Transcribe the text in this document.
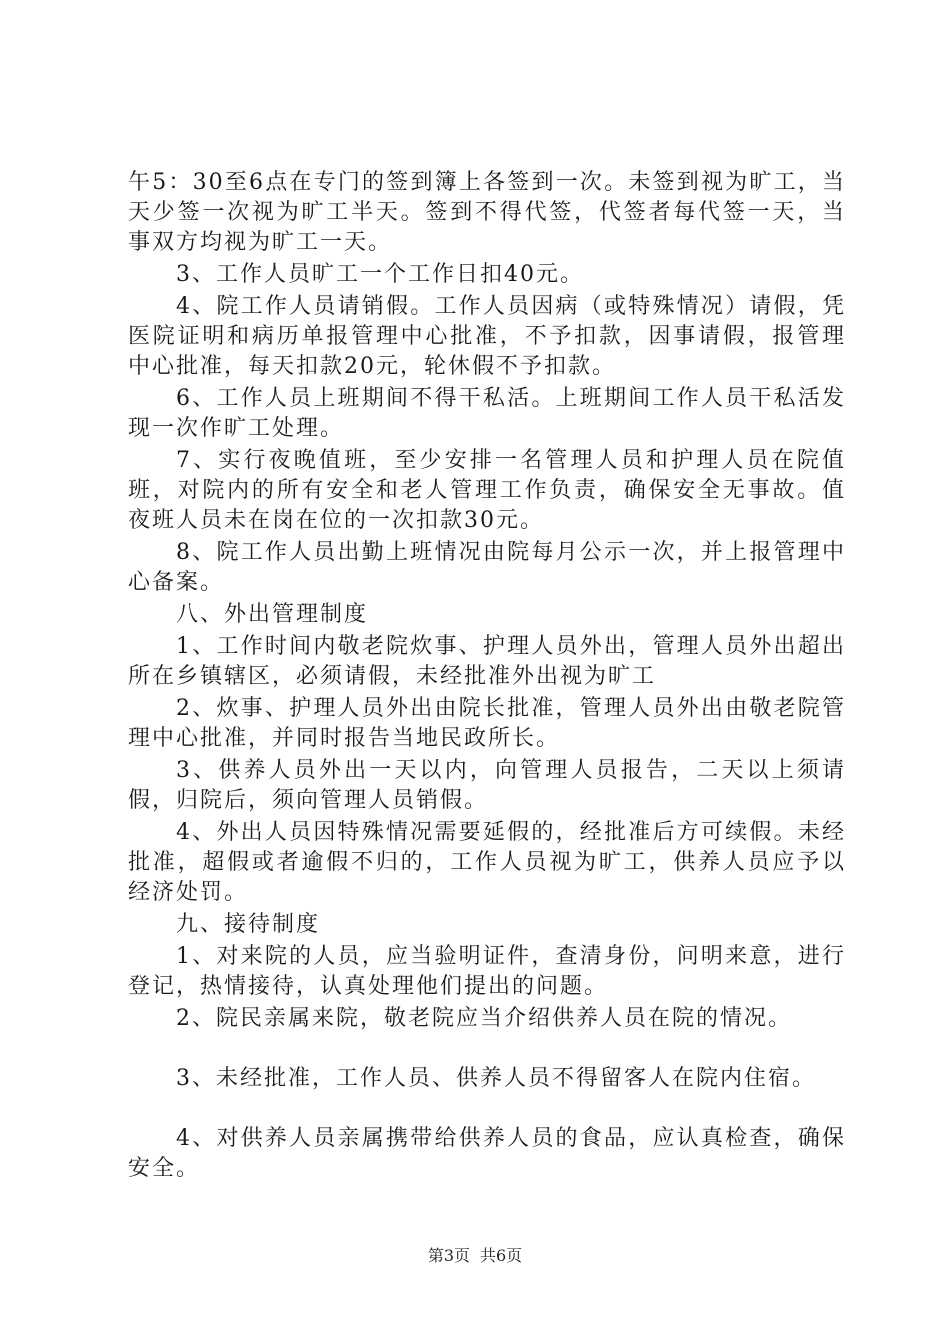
午5：30至6点在专门的签到簿上各签到一次。未签到视为旷工，当天少签一次视为旷工半天。签到不得代签，代签者每代签一天，当事双方均视为旷工一天。

3、工作人员旷工一个工作日扣40元。

4、院工作人员请销假。工作人员因病（或特殊情况）请假，凭医院证明和病历单报管理中心批准，不予扣款，因事请假，报管理中心批准，每天扣款20元，轮休假不予扣款。

6、工作人员上班期间不得干私活。上班期间工作人员干私活发现一次作旷工处理。

7、实行夜晚值班，至少安排一名管理人员和护理人员在院值班，对院内的所有安全和老人管理工作负责，确保安全无事故。值夜班人员未在岗在位的一次扣款30元。

8、院工作人员出勤上班情况由院每月公示一次，并上报管理中心备案。

八、外出管理制度

1、工作时间内敬老院炊事、护理人员外出，管理人员外出超出所在乡镇辖区，必须请假，未经批准外出视为旷工

2、炊事、护理人员外出由院长批准，管理人员外出由敬老院管理中心批准，并同时报告当地民政所长。

3、供养人员外出一天以内，向管理人员报告，二天以上须请假，归院后，须向管理人员销假。

4、外出人员因特殊情况需要延假的，经批准后方可续假。未经批准，超假或者逾假不归的，工作人员视为旷工，供养人员应予以经济处罚。

九、接待制度

1、对来院的人员，应当验明证件，查清身份，问明来意，进行登记，热情接待，认真处理他们提出的问题。

2、院民亲属来院，敬老院应当介绍供养人员在院的情况。

3、未经批准，工作人员、供养人员不得留客人在院内住宿。

4、对供养人员亲属携带给供养人员的食品，应认真检查，确保安全。

第3页 共6页
